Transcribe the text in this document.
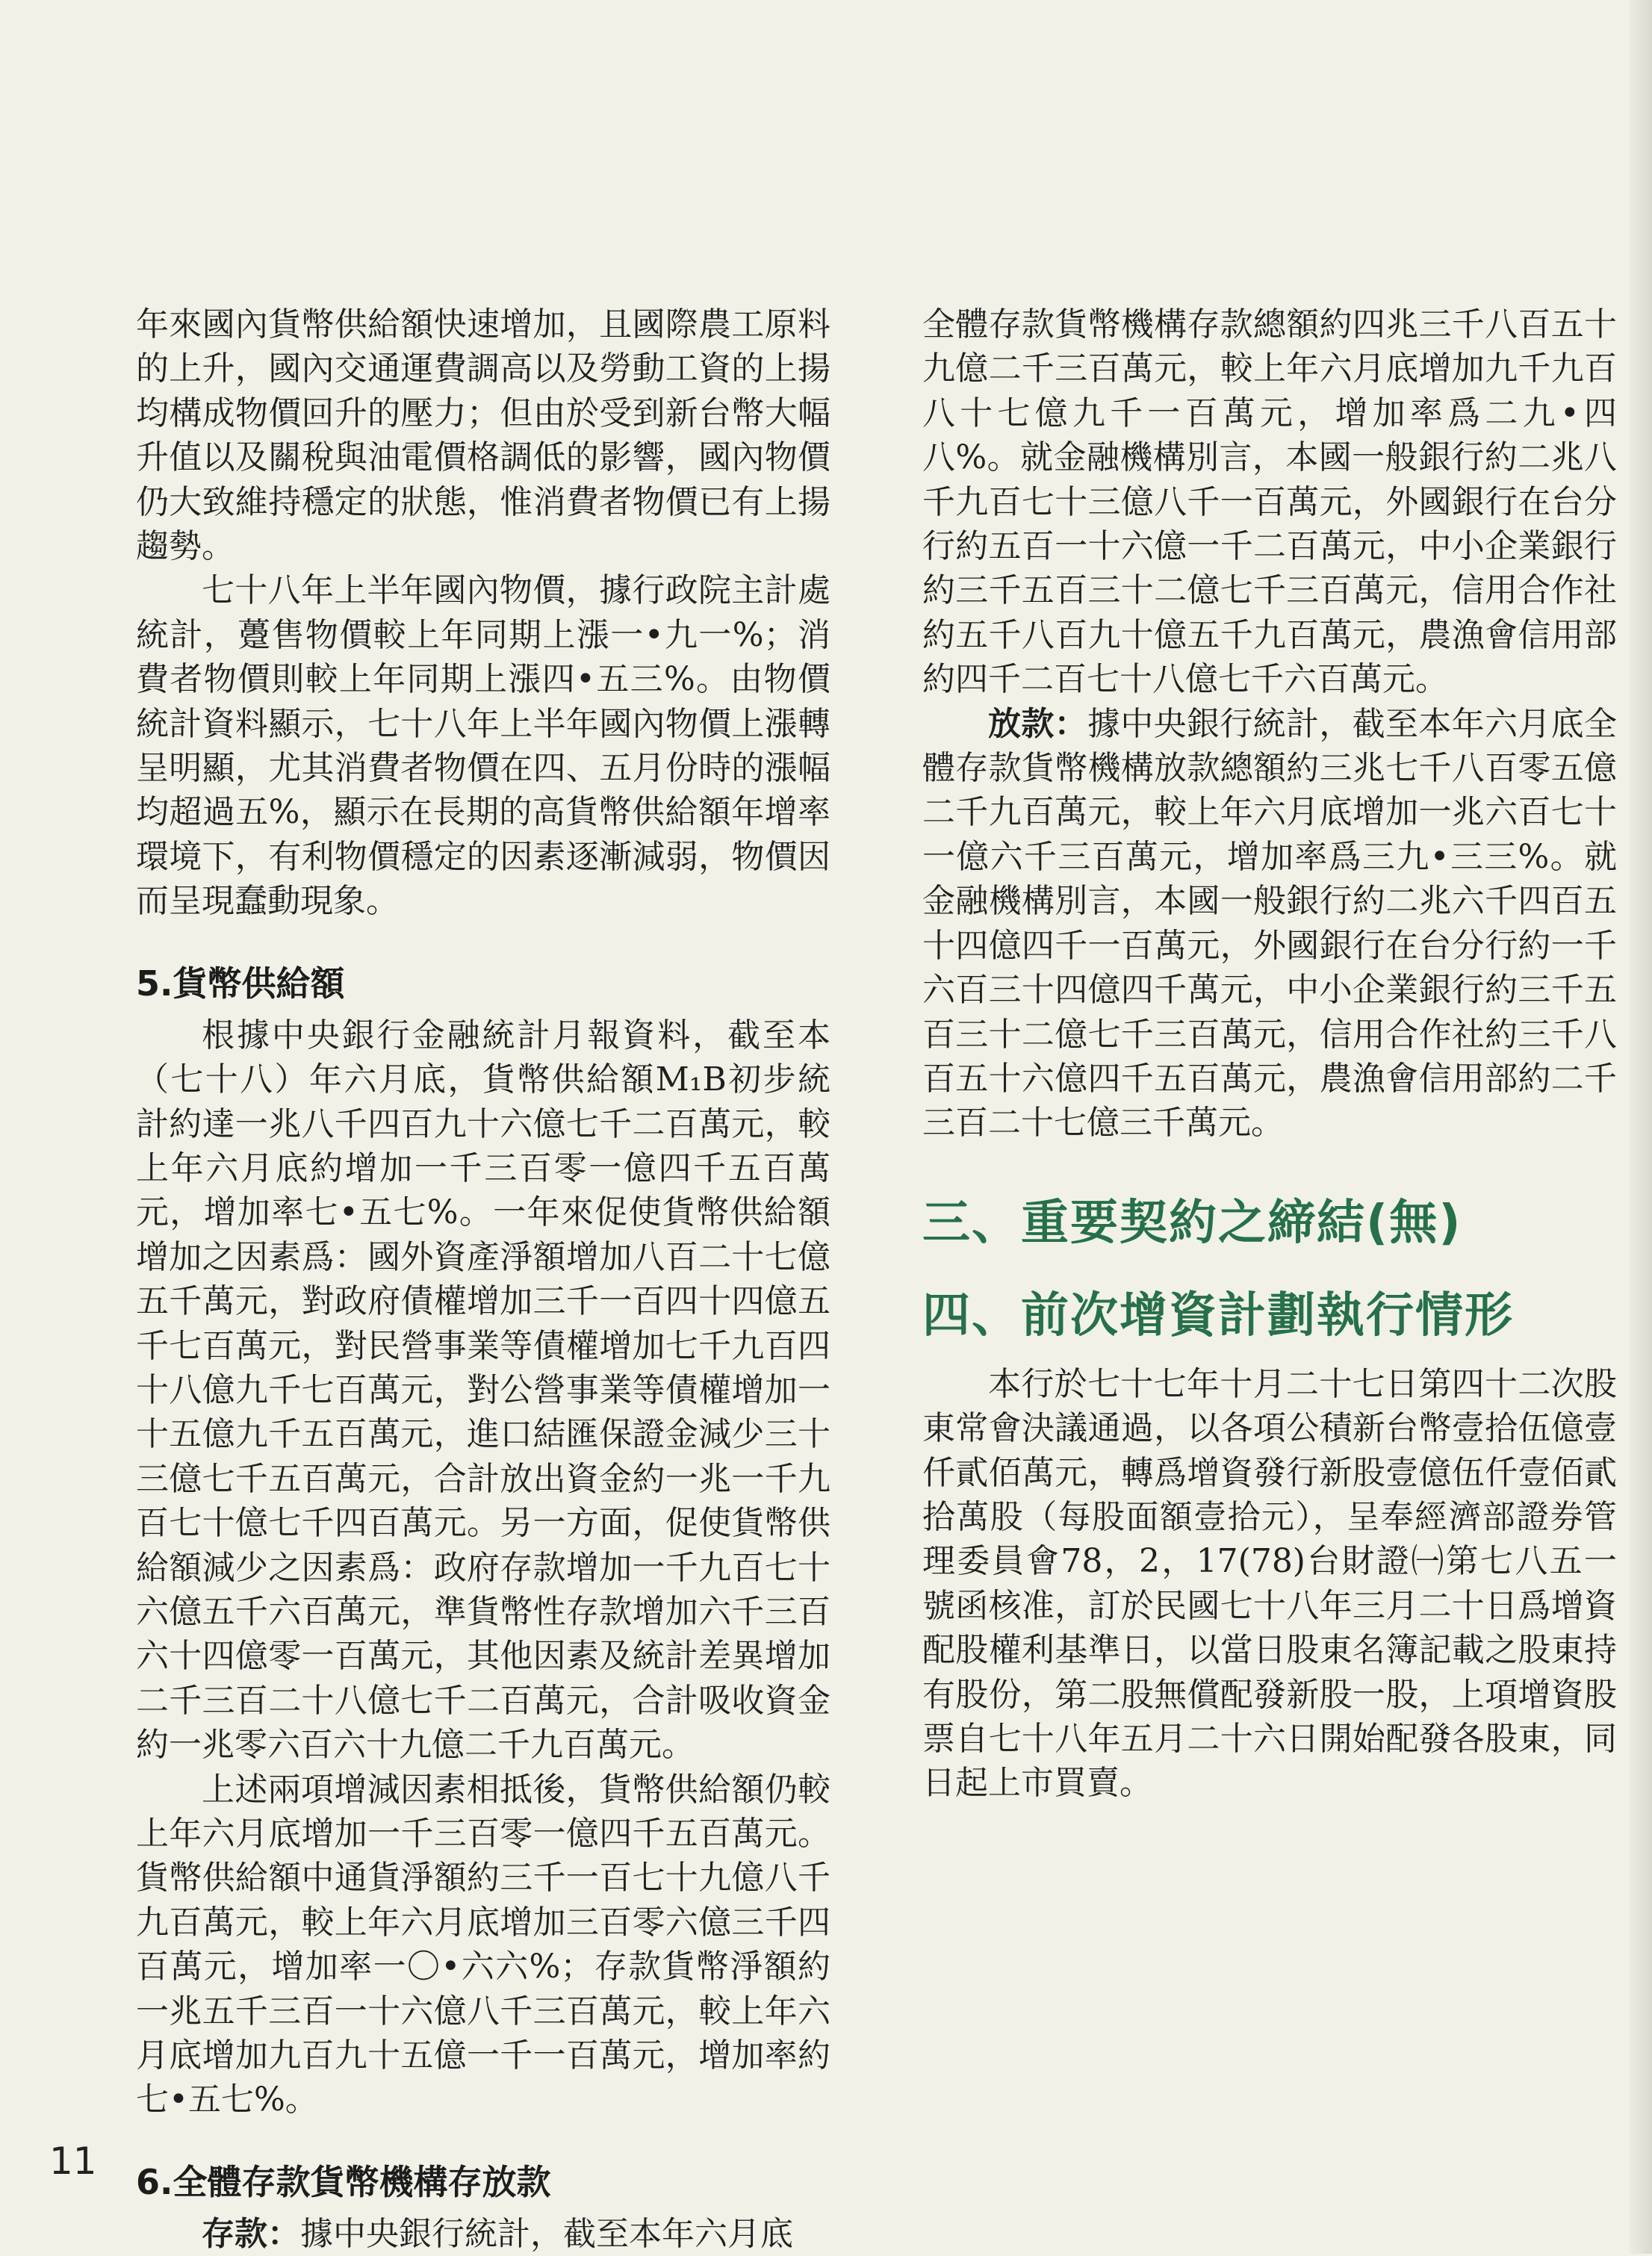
年來國內貨幣供給額快速增加，且國際農工原料的上升，國內交通運費調高以及勞動工資的上揚均構成物價回升的壓力；但由於受到新台幣大幅升值以及關稅與油電價格調低的影響，國內物價仍大致維持穩定的狀態，惟消費者物價已有上揚趨勢。

七十八年上半年國內物價，據行政院主計處統計，躉售物價較上年同期上漲一•九一%；消費者物價則較上年同期上漲四•五三%。由物價統計資料顯示，七十八年上半年國內物價上漲轉呈明顯，尤其消費者物價在四、五月份時的漲幅均超過五%，顯示在長期的高貨幣供給額年增率環境下，有利物價穩定的因素逐漸減弱，物價因而呈現蠢動現象。

5.貨幣供給額

根據中央銀行金融統計月報資料，截至本（七十八）年六月底，貨幣供給額M₁B初步統計約達一兆八千四百九十六億七千二百萬元，較上年六月底約增加一千三百零一億四千五百萬元，增加率七•五七%。一年來促使貨幣供給額增加之因素爲：國外資產淨額增加八百二十七億五千萬元，對政府債權增加三千一百四十四億五千七百萬元，對民營事業等債權增加七千九百四十八億九千七百萬元，對公營事業等債權增加一十五億九千五百萬元，進口結匯保證金減少三十三億七千五百萬元，合計放出資金約一兆一千九百七十億七千四百萬元。另一方面，促使貨幣供給額減少之因素爲：政府存款增加一千九百七十六億五千六百萬元，準貨幣性存款增加六千三百六十四億零一百萬元，其他因素及統計差異增加二千三百二十八億七千二百萬元，合計吸收資金約一兆零六百六十九億二千九百萬元。

上述兩項增減因素相抵後，貨幣供給額仍較上年六月底增加一千三百零一億四千五百萬元。貨幣供給額中通貨淨額約三千一百七十九億八千九百萬元，較上年六月底增加三百零六億三千四百萬元，增加率一〇•六六%；存款貨幣淨額約一兆五千三百一十六億八千三百萬元，較上年六月底增加九百九十五億一千一百萬元，增加率約七•五七%。

6.全體存款貨幣機構存放款

存款：據中央銀行統計，截至本年六月底

全體存款貨幣機構存款總額約四兆三千八百五十九億二千三百萬元，較上年六月底增加九千九百八十七億九千一百萬元，增加率爲二九•四八%。就金融機構別言，本國一般銀行約二兆八千九百七十三億八千一百萬元，外國銀行在台分行約五百一十六億一千二百萬元，中小企業銀行約三千五百三十二億七千三百萬元，信用合作社約五千八百九十億五千九百萬元，農漁會信用部約四千二百七十八億七千六百萬元。

放款：據中央銀行統計，截至本年六月底全體存款貨幣機構放款總額約三兆七千八百零五億二千九百萬元，較上年六月底增加一兆六百七十一億六千三百萬元，增加率爲三九•三三%。就金融機構別言，本國一般銀行約二兆六千四百五十四億四千一百萬元，外國銀行在台分行約一千六百三十四億四千萬元，中小企業銀行約三千五百三十二億七千三百萬元，信用合作社約三千八百五十六億四千五百萬元，農漁會信用部約二千三百二十七億三千萬元。

三、重要契約之締結(無)
四、前次增資計劃執行情形

本行於七十七年十月二十七日第四十二次股東常會決議通過，以各項公積新台幣壹拾伍億壹仟貳佰萬元，轉爲增資發行新股壹億伍仟壹佰貳拾萬股（每股面額壹拾元），呈奉經濟部證券管理委員會78，2，17(78)台財證㈠第七八五一號函核准，訂於民國七十八年三月二十日爲增資配股權利基準日，以當日股東名簿記載之股東持有股份，第二股無償配發新股一股，上項增資股票自七十八年五月二十六日開始配發各股東，同日起上市買賣。

11
